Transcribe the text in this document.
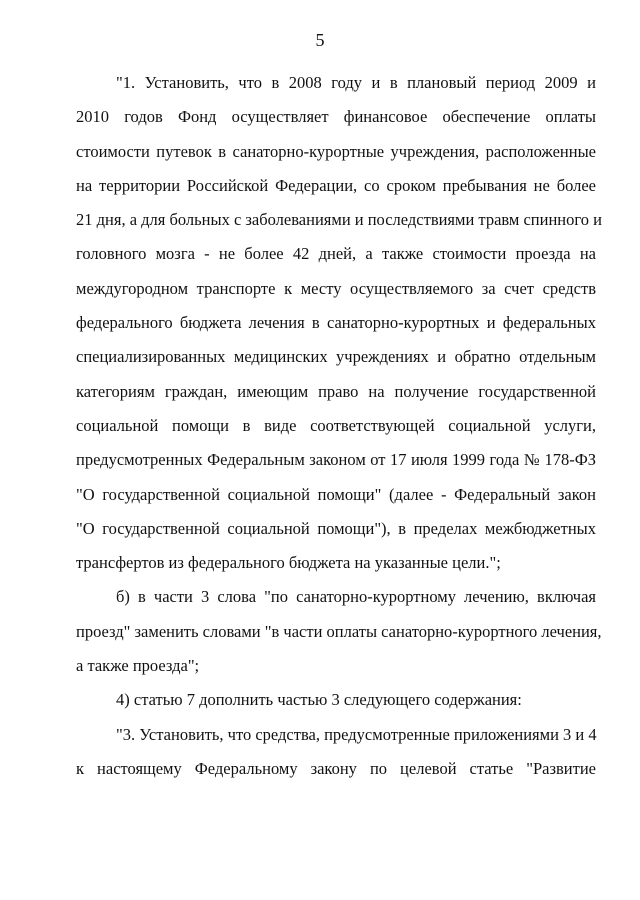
5

"1. Установить, что в 2008 году и в плановый период 2009 и
2010 годов Фонд осуществляет финансовое обеспечение оплаты
стоимости путевок в санаторно-курортные учреждения, расположенные
на территории Российской Федерации, со сроком пребывания не более
21 дня, а для больных с заболеваниями и последствиями травм спинного и
головного мозга - не более 42 дней, а также стоимости проезда на
междугородном транспорте к месту осуществляемого за счет средств
федерального бюджета лечения в санаторно-курортных и федеральных
специализированных медицинских учреждениях и обратно отдельным
категориям граждан, имеющим право на получение государственной
социальной помощи в виде соответствующей социальной услуги,
предусмотренных Федеральным законом от 17 июля 1999 года № 178-ФЗ
"О государственной социальной помощи" (далее - Федеральный закон
"О государственной социальной помощи"), в пределах межбюджетных
трансфертов из федерального бюджета на указанные цели.";

б) в части 3 слова "по санаторно-курортному лечению, включая
проезд" заменить словами "в части оплаты санаторно-курортного лечения,
а также проезда";

4) статью 7 дополнить частью 3 следующего содержания:

"3. Установить, что средства, предусмотренные приложениями 3 и 4
к настоящему Федеральному закону по целевой статье "Развитие
